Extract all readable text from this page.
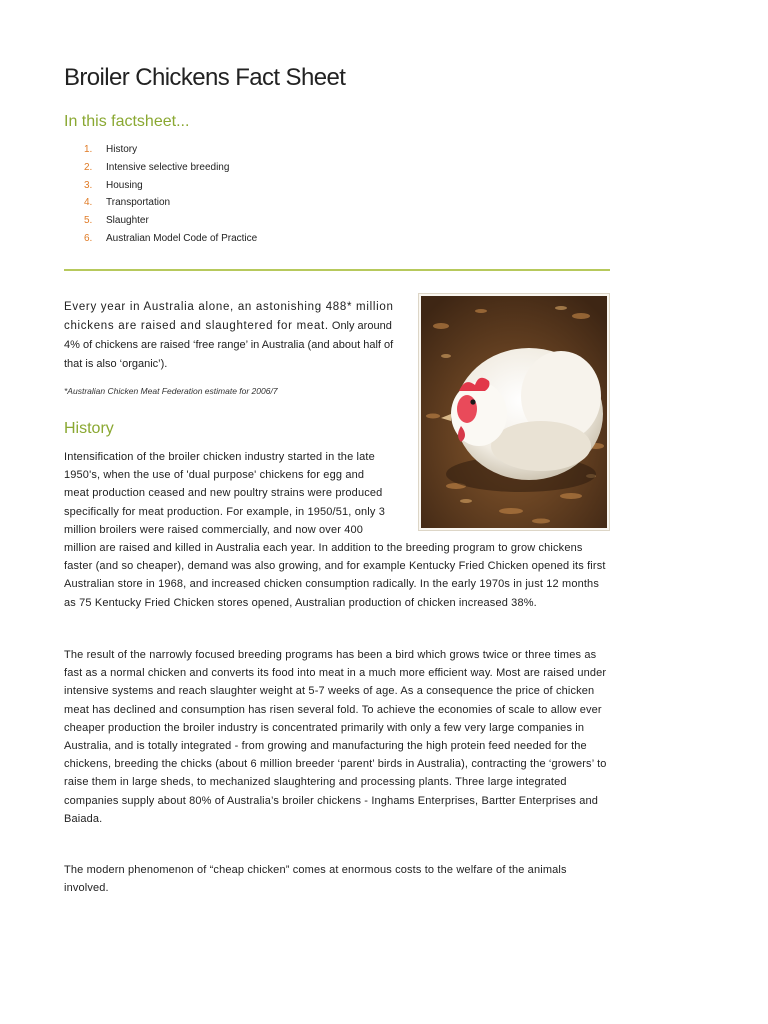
Broiler Chickens Fact Sheet
In this factsheet...
1. History
2. Intensive selective breeding
3. Housing
4. Transportation
5. Slaughter
6. Australian Model Code of Practice

Every year in Australia alone, an astonishing 488* million chickens are raised and slaughtered for meat. Only around 4% of chickens are raised ‘free range’ in Australia (and about half of that is also ‘organic’).

*Australian Chicken Meat Federation estimate for 2006/7

History
Intensification of the broiler chicken industry started in the late 1950's, when the use of 'dual purpose' chickens for egg and meat production ceased and new poultry strains were produced specifically for meat production. For example, in 1950/51, only 3 million broilers were raised commercially, and now over 400 million are raised and killed in Australia each year. In addition to the breeding program to grow chickens faster (and so cheaper), demand was also growing, and for example Kentucky Fried Chicken opened its first Australian store in 1968, and increased chicken consumption radically. In the early 1970s in just 12 months as 75 Kentucky Fried Chicken stores opened, Australian production of chicken increased 38%.

The result of the narrowly focused breeding programs has been a bird which grows twice or three times as fast as a normal chicken and converts its food into meat in a much more efficient way. Most are raised under intensive systems and reach slaughter weight at 5-7 weeks of age. As a consequence the price of chicken meat has declined and consumption has risen several fold. To achieve the economies of scale to allow ever cheaper production the broiler industry is concentrated primarily with only a few very large companies in Australia, and is totally integrated - from growing and manufacturing the high protein feed needed for the chickens, breeding the chicks (about 6 million breeder ‘parent’ birds in Australia), contracting the ‘growers’ to raise them in large sheds, to mechanized slaughtering and processing plants. Three large integrated companies supply about 80% of Australia’s broiler chickens - Inghams Enterprises, Bartter Enterprises and Baiada.

The modern phenomenon of “cheap chicken” comes at enormous costs to the welfare of the animals involved.
